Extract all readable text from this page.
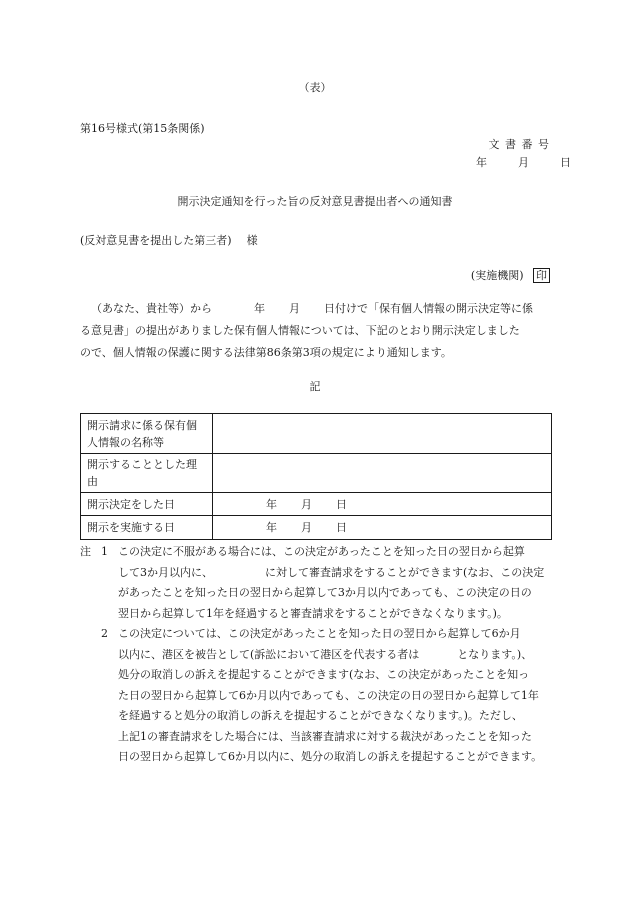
（表）
第16号様式(第15条関係)
文 書 番 号
年	月	日
開示決定通知を行った旨の反対意見書提出者への通知書
(反対意見書を提出した第三者) 様
(実施機関) 印
（あなた、貴社等）から	年 月 日付けで「保有個人情報の開示決定等に係
る意見書」の提出がありました保有個人情報については、下記のとおり開示決定しました
ので、個人情報の保護に関する法律第86条第3項の規定により通知します。
記
開示請求に係る保有個
人情報の名称等	

開示することとした理
由	

開示決定をした日	年 月 日
開示を実施する日	年 月 日
注 1 この決定に不服がある場合には、この決定があったことを知った日の翌日から起算
して3か月以内に、	に対して審査請求をすることができます(なお、この決定
があったことを知った日の翌日から起算して3か月以内であっても、この決定の日の
翌日から起算して1年を経過すると審査請求をすることができなくなります。)。
2 この決定については、この決定があったことを知った日の翌日から起算して6か月
以内に、港区を被告として(訴訟において港区を代表する者は	となります。)、
処分の取消しの訴えを提起することができます(なお、この決定があったことを知っ
た日の翌日から起算して6か月以内であっても、この決定の日の翌日から起算して1年
を経過すると処分の取消しの訴えを提起することができなくなります。)。ただし、
上記1の審査請求をした場合には、当該審査請求に対する裁決があったことを知った
日の翌日から起算して6か月以内に、処分の取消しの訴えを提起することができます。
